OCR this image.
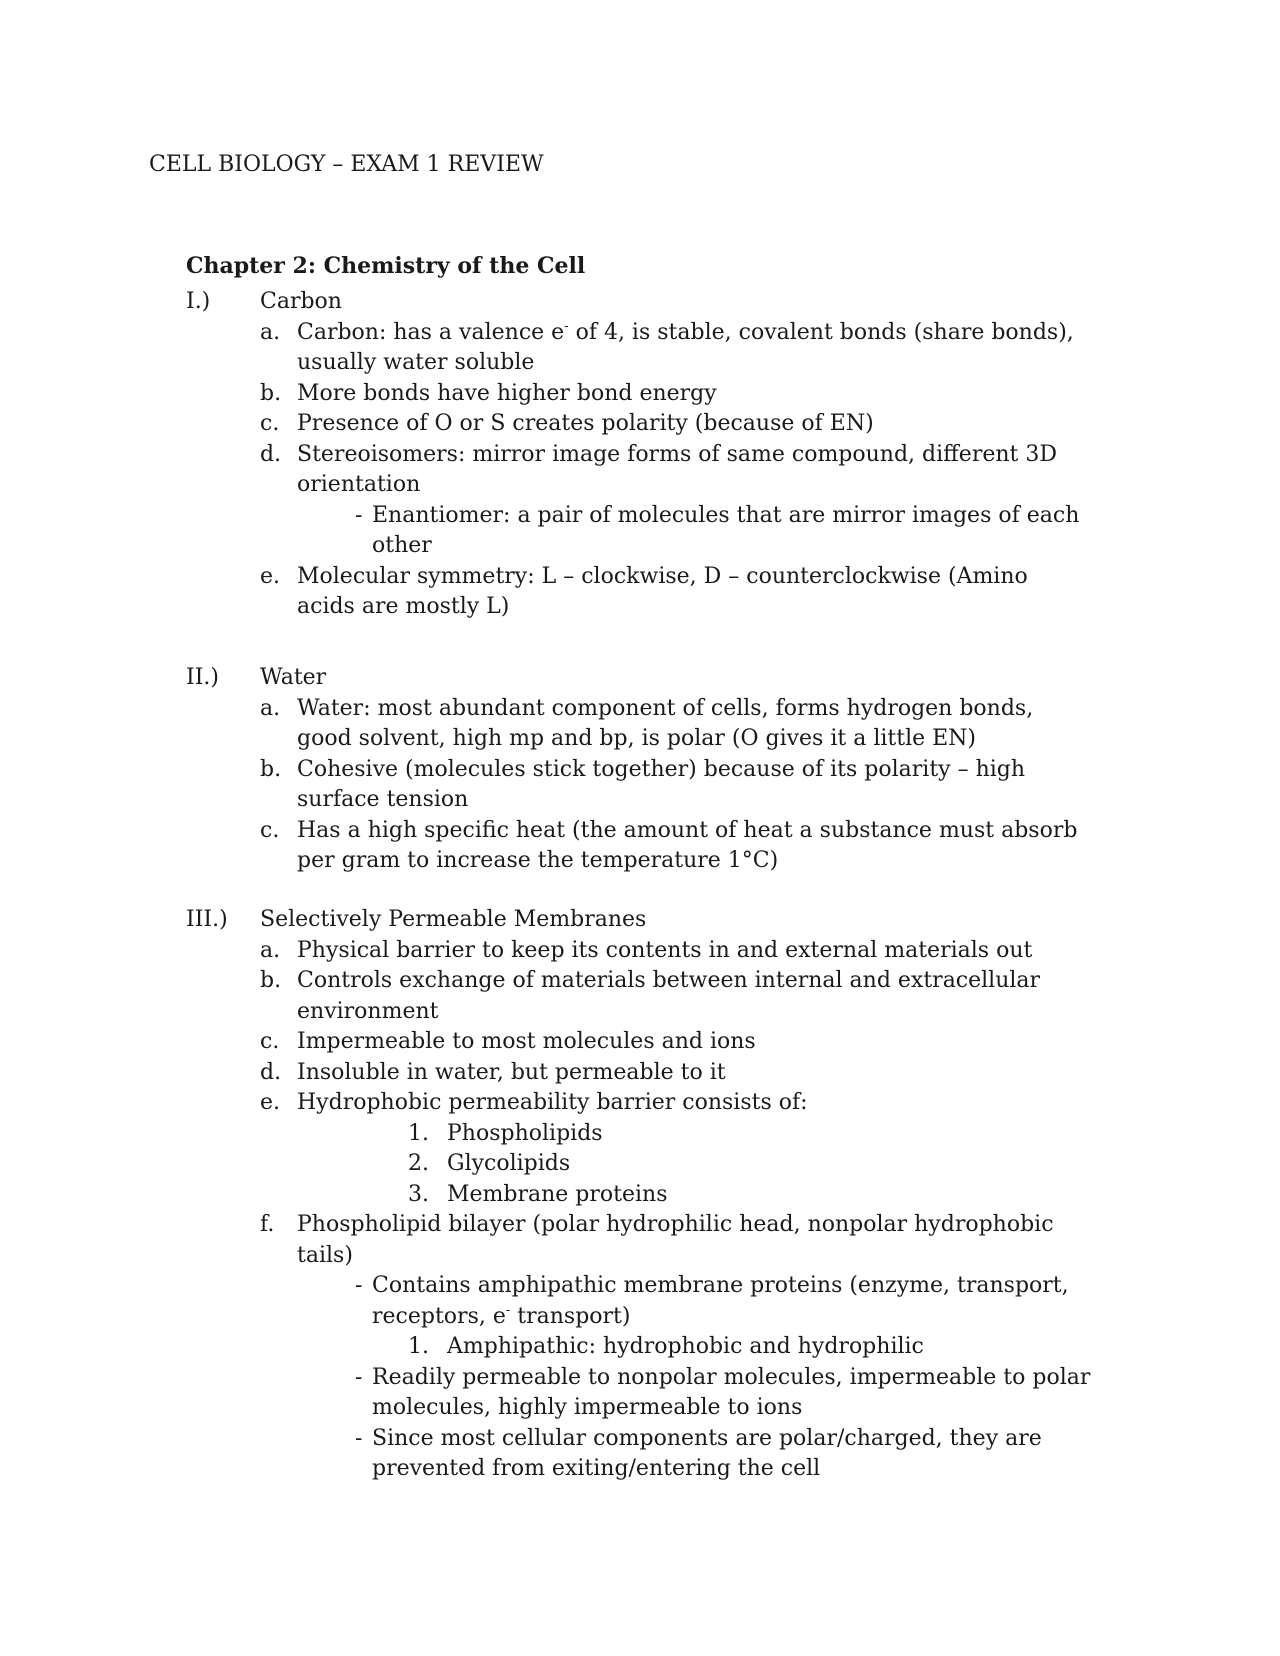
CELL BIOLOGY – EXAM 1 REVIEW
Chapter 2: Chemistry of the Cell
I.) Carbon
a. Carbon: has a valence e- of 4, is stable, covalent bonds (share bonds),
usually water soluble
b. More bonds have higher bond energy
c. Presence of O or S creates polarity (because of EN)
d. Stereoisomers: mirror image forms of same compound, different 3D
orientation
- Enantiomer: a pair of molecules that are mirror images of each
other
e. Molecular symmetry: L – clockwise, D – counterclockwise (Amino
acids are mostly L)
II.) Water
a. Water: most abundant component of cells, forms hydrogen bonds,
good solvent, high mp and bp, is polar (O gives it a little EN)
b. Cohesive (molecules stick together) because of its polarity – high
surface tension
c. Has a high specific heat (the amount of heat a substance must absorb
per gram to increase the temperature 1°C)
III.) Selectively Permeable Membranes
a. Physical barrier to keep its contents in and external materials out
b. Controls exchange of materials between internal and extracellular
environment
c. Impermeable to most molecules and ions
d. Insoluble in water, but permeable to it
e. Hydrophobic permeability barrier consists of:
1. Phospholipids
2. Glycolipids
3. Membrane proteins
f. Phospholipid bilayer (polar hydrophilic head, nonpolar hydrophobic
tails)
- Contains amphipathic membrane proteins (enzyme, transport,
receptors, e- transport)
1. Amphipathic: hydrophobic and hydrophilic
- Readily permeable to nonpolar molecules, impermeable to polar
molecules, highly impermeable to ions
- Since most cellular components are polar/charged, they are
prevented from exiting/entering the cell
